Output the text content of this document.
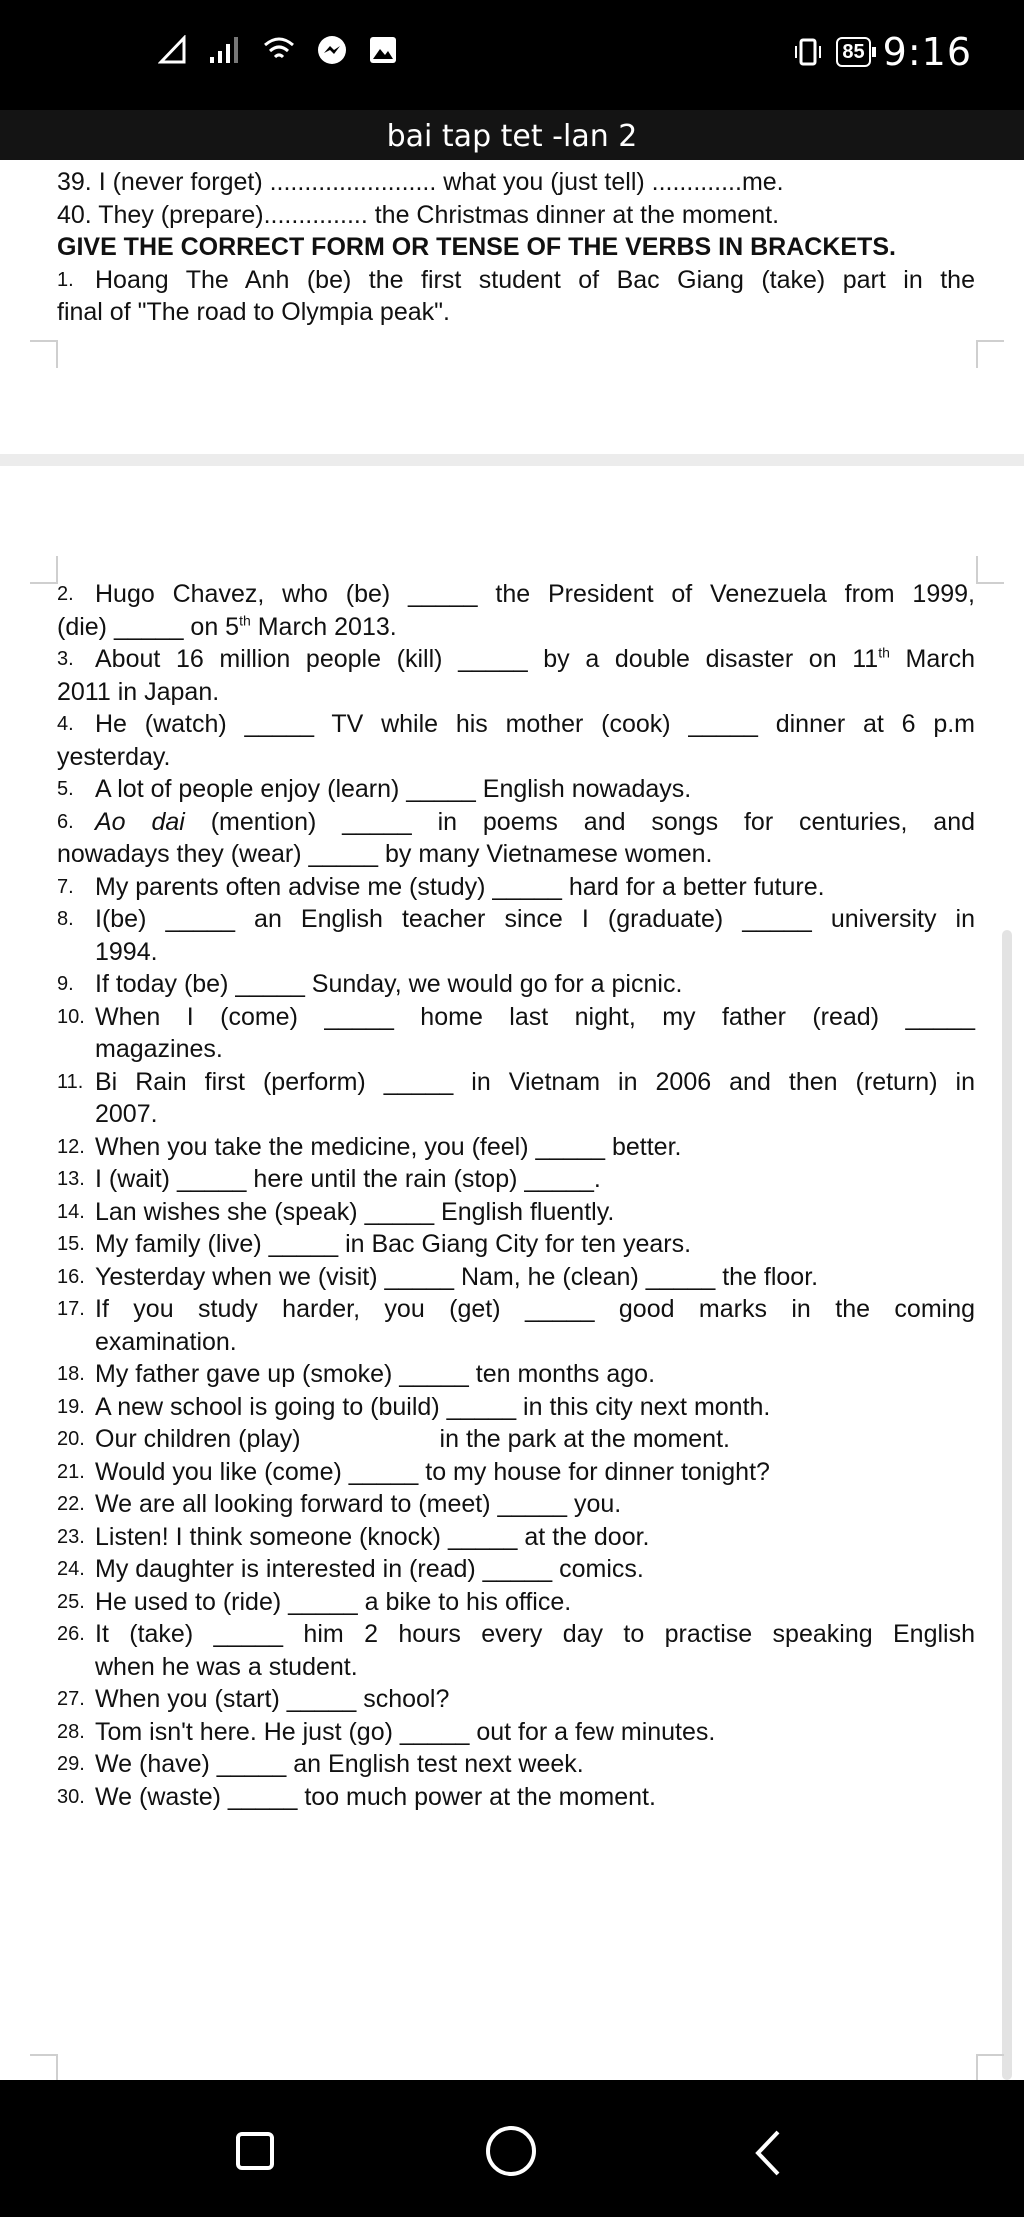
85 9:16
bai tap tet -lan 2
39. I (never forget) ........................ what you (just tell) .............me.
40. They (prepare)............... the Christmas dinner at the moment.
GIVE THE CORRECT FORM OR TENSE OF THE VERBS IN BRACKETS.
1. Hoang The Anh (be) the first student of Bac Giang (take) part in the
final of "The road to Olympia peak".
2. Hugo Chavez, who (be) _____ the President of Venezuela from 1999,
(die) _____ on 5th March 2013.
3. About 16 million people (kill) _____ by a double disaster on 11th March
2011 in Japan.
4. He (watch) _____ TV while his mother (cook) _____ dinner at 6 p.m
yesterday.
5. A lot of people enjoy (learn) _____ English nowadays.
6. Ao dai (mention) _____ in poems and songs for centuries, and
nowadays they (wear) _____ by many Vietnamese women.
7. My parents often advise me (study) _____ hard for a better future.
8. I(be) _____ an English teacher since I (graduate) _____ university in
1994.
9. If today (be) _____ Sunday, we would go for a picnic.
10. When I (come) _____ home last night, my father (read) _____
magazines.
11. Bi Rain first (perform) _____ in Vietnam in 2006 and then (return) in
2007.
12. When you take the medicine, you (feel) _____ better.
13. I (wait) _____ here until the rain (stop) _____.
14. Lan wishes she (speak) _____ English fluently.
15. My family (live) _____ in Bac Giang City for ten years.
16. Yesterday when we (visit) _____ Nam, he (clean) _____ the floor.
17. If you study harder, you (get) _____ good marks in the coming
examination.
18. My father gave up (smoke) _____ ten months ago.
19. A new school is going to (build) _____ in this city next month.
20. Our children (play)                    in the park at the moment.
21. Would you like (come) _____ to my house for dinner tonight?
22. We are all looking forward to (meet) _____ you.
23. Listen! I think someone (knock) _____ at the door.
24. My daughter is interested in (read) _____ comics.
25. He used to (ride) _____ a bike to his office.
26. It (take) _____ him 2 hours every day to practise speaking English
when he was a student.
27. When you (start) _____ school?
28. Tom isn't here. He just (go) _____ out for a few minutes.
29. We (have) _____ an English test next week.
30. We (waste) _____ too much power at the moment.
